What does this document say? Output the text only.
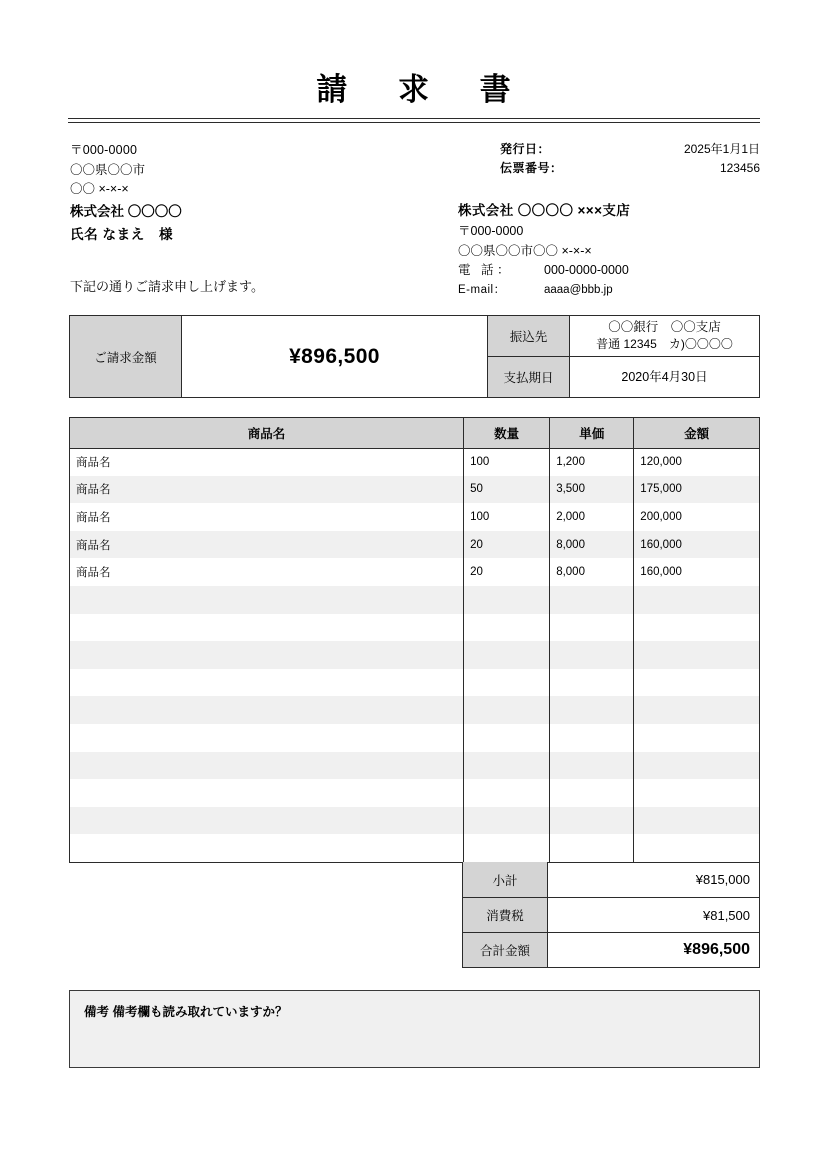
請 求 書
〒000-0000
〇〇県〇〇市
〇〇 ×-×-×
株式会社 〇〇〇〇
氏名 なまえ　様
下記の通りご請求申し上げます。
発行日：	2025年1月1日
伝票番号：	123456
株式会社 〇〇〇〇 ×××支店
〒000-0000
〇〇県〇〇市〇〇 ×-×-×
電 話：	000-0000-0000
E-mail：	aaaa@bbb.jp
ご請求金額	¥896,500
振込先
〇〇銀行　〇〇支店
普通 12345　カ)〇〇〇〇
支払期日	2020年4月30日
商品名	数量	単価	金額
商品名	100	1,200	120,000
商品名	50	3,500	175,000
商品名	100	2,000	200,000
商品名	20	8,000	160,000
商品名	20	8,000	160,000

小計	¥815,000
消費税	¥81,500
合計金額	¥896,500
備考 備考欄も読み取れていますか？
